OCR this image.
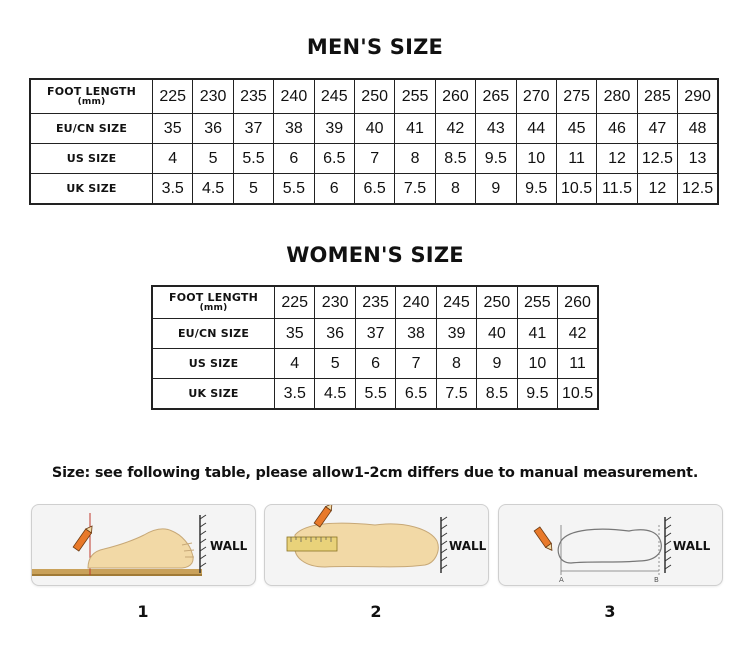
MEN'S SIZE
FOOT LENGTH
(mm)	225	230	235	240	245	250	255	260	265	270	275	280	285	290
EU/CN SIZE	35	36	37	38	39	40	41	42	43	44	45	46	47	48
US SIZE	4	5	5.5	6	6.5	7	8	8.5	9.5	10	11	12	12.5	13
UK SIZE	3.5	4.5	5	5.5	6	6.5	7.5	8	9	9.5	10.5	11.5	12	12.5
WOMEN'S SIZE
FOOT LENGTH
(mm)	225	230	235	240	245	250	255	260
EU/CN SIZE	35	36	37	38	39	40	41	42
US SIZE	4	5	6	7	8	9	10	11
UK SIZE	3.5	4.5	5.5	6.5	7.5	8.5	9.5	10.5
Size: see following table, please allow1-2cm differs due to manual measurement.
WALL	WALL
A	B
WALL
1	2	3
